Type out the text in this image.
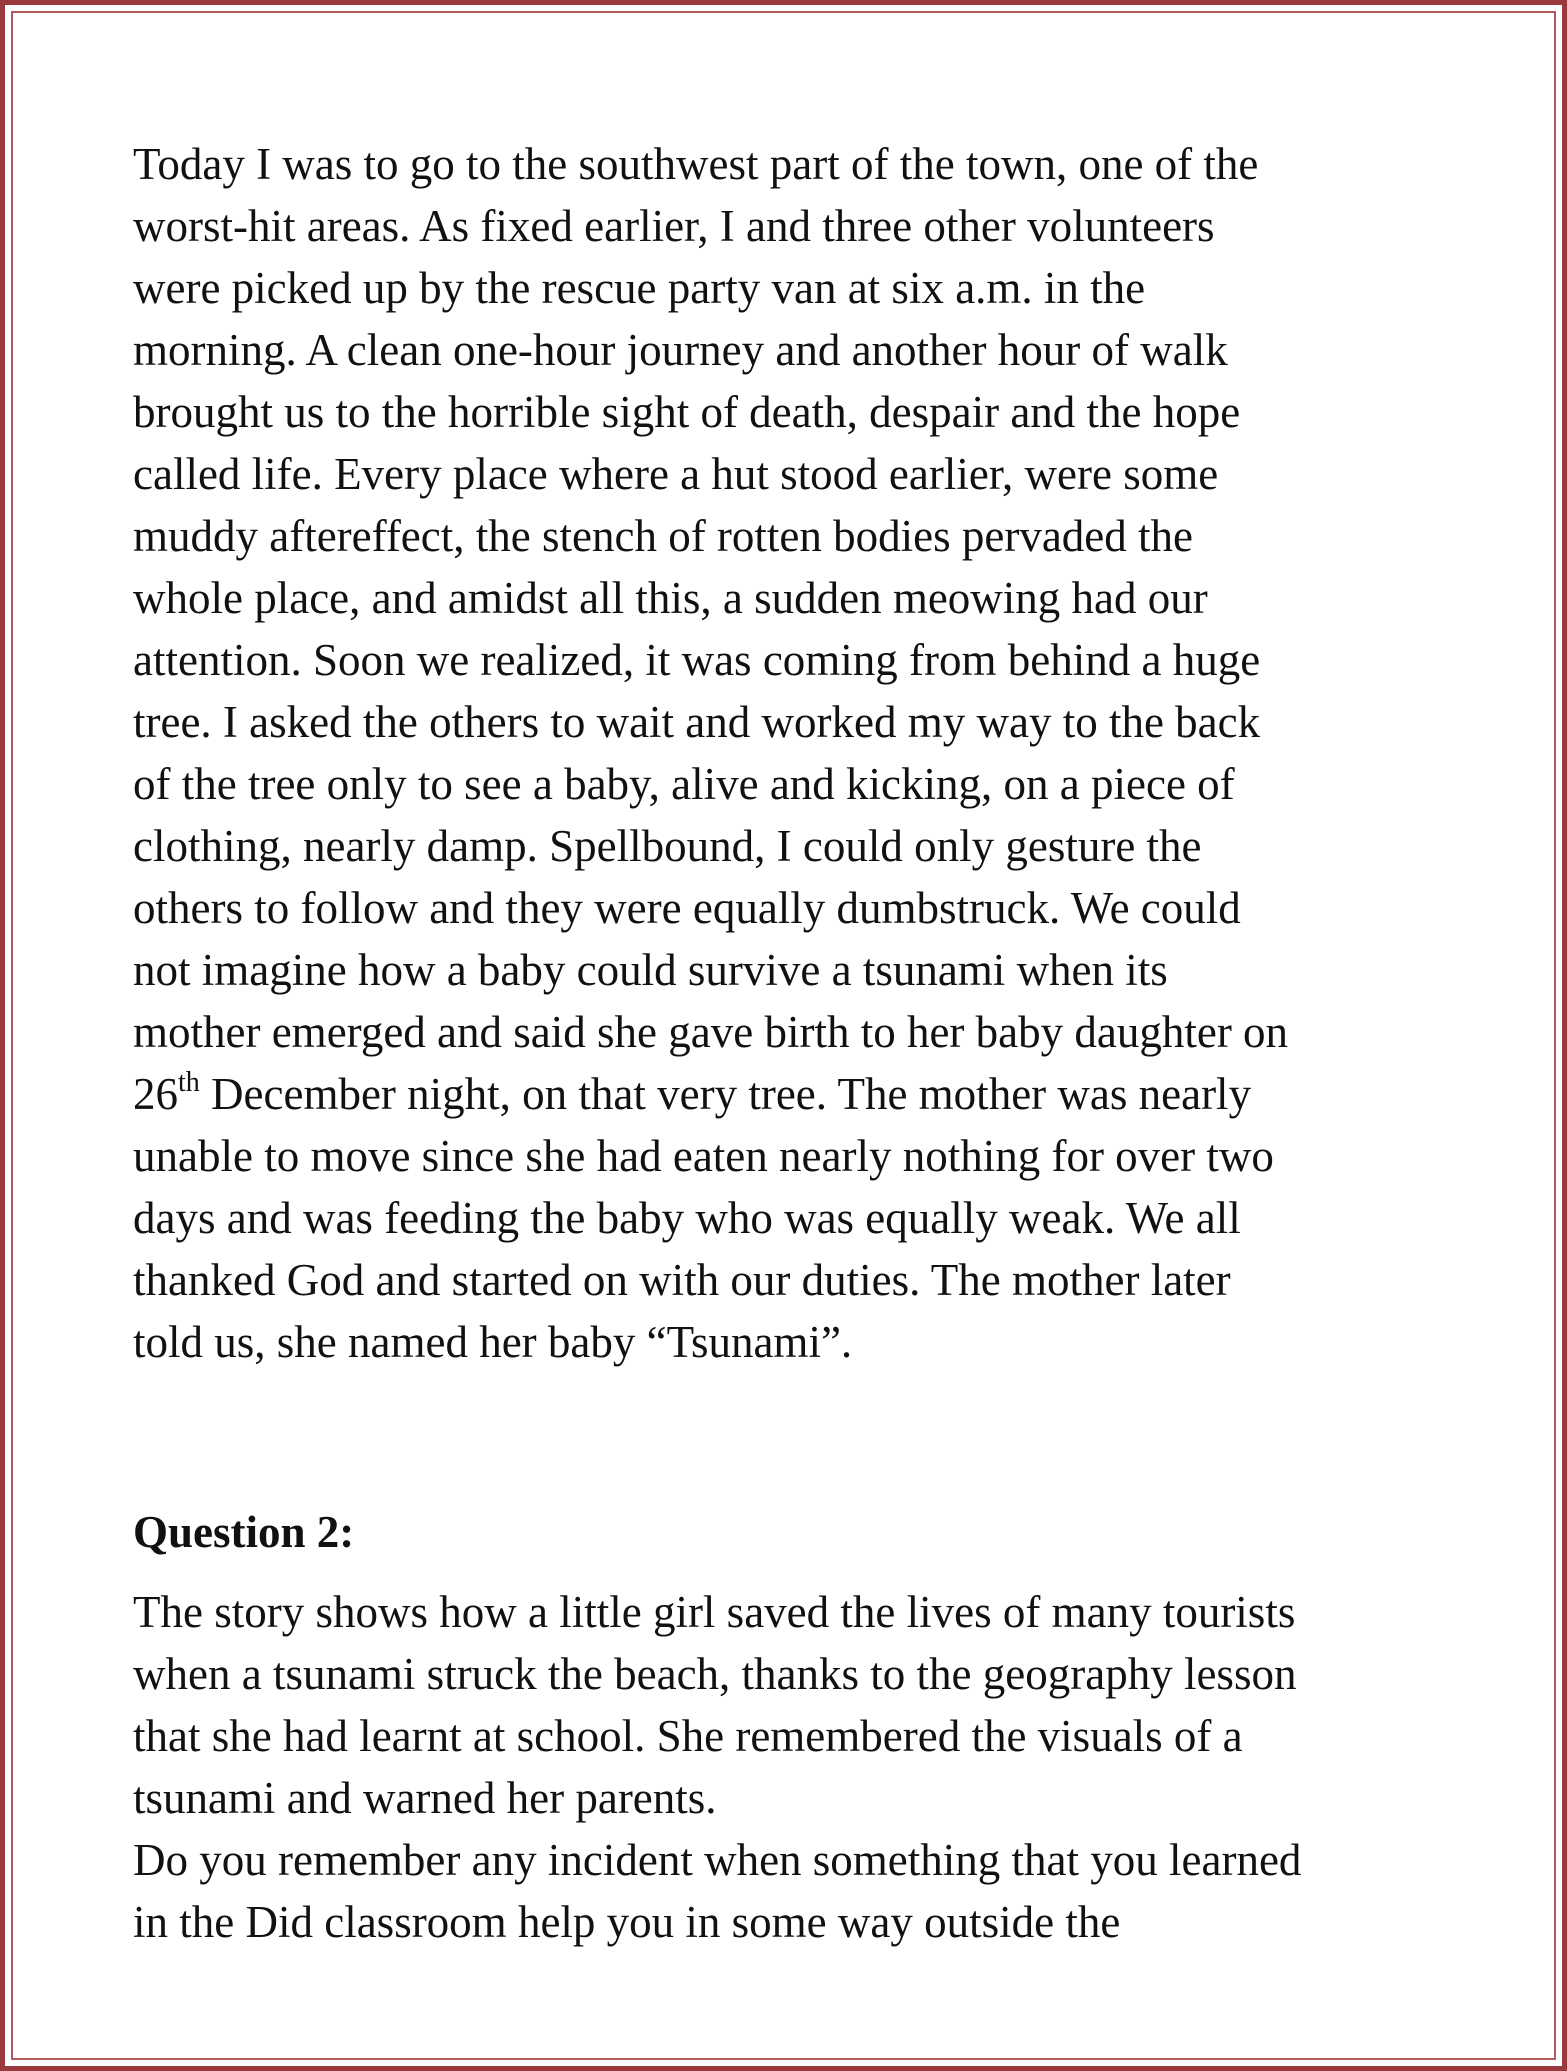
Today I was to go to the southwest part of the town, one of the
worst-hit areas. As fixed earlier, I and three other volunteers
were picked up by the rescue party van at six a.m. in the
morning. A clean one-hour journey and another hour of walk
brought us to the horrible sight of death, despair and the hope
called life. Every place where a hut stood earlier, were some
muddy aftereffect, the stench of rotten bodies pervaded the
whole place, and amidst all this, a sudden meowing had our
attention. Soon we realized, it was coming from behind a huge
tree. I asked the others to wait and worked my way to the back
of the tree only to see a baby, alive and kicking, on a piece of
clothing, nearly damp. Spellbound, I could only gesture the
others to follow and they were equally dumbstruck. We could
not imagine how a baby could survive a tsunami when its
mother emerged and said she gave birth to her baby daughter on
26th December night, on that very tree. The mother was nearly
unable to move since she had eaten nearly nothing for over two
days and was feeding the baby who was equally weak. We all
thanked God and started on with our duties. The mother later
told us, she named her baby “Tsunami”.
Question 2:
The story shows how a little girl saved the lives of many tourists
when a tsunami struck the beach, thanks to the geography lesson
that she had learnt at school. She remembered the visuals of a
tsunami and warned her parents.
Do you remember any incident when something that you learned
in the Did classroom help you in some way outside the
